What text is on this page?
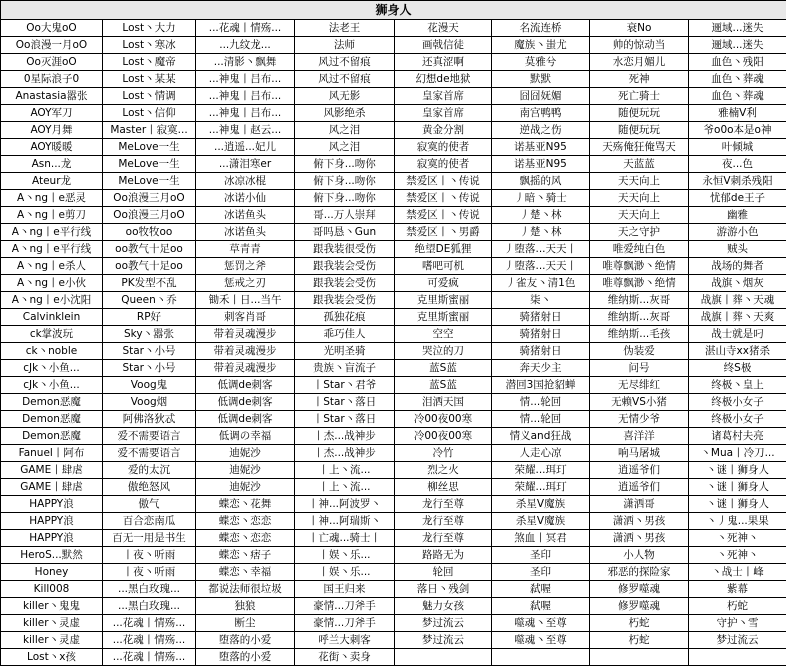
狮身人							
Oo大鬼oO	Lost丶大力	...花魂丨情殇...	法老王	花漫天	名流连桥	衰No	逦域...迷失
Oo浪漫一月oO	Lost丶寒冰	...九纹龙...	法师	画戟信徒	魔族丶蚩尤	帅的惊动当	逦域...迷失
Oo灭涯oO	Lost丶魔帝	...清影丶飘舞	风过不留痕	还真涩啊	莫雅兮	水恋月媚儿	血色丶残阳
0星际浪子0	Lost丶某某	...神鬼丨吕布...	风过不留痕	幻想de地狱	默默	死神	血色丶葬魂
Anastasia嚣张	Lost丶情调	...神鬼丨吕布...	风无影	皇家首席	囧囧妩媚	死亡骑士	血色丶葬魂
AOY军刀	Lost丶信仰	...神鬼丨吕布...	风影绝杀	皇家首席	南宫鸭鸭	随便玩玩	雅楠V利
AOY月舞	Master丨寂寞...	...神鬼丨赵云...	风之泪	黄金分割	逆战之伤	随便玩玩	爷o0o本是o神
AOY暖暖	MeLove一生	...逍遥...妃儿	风之泪	寂寞的使者	诺基亚N95	天殇俺狂俺骂天	叶倾城
Asn...龙	MeLove一生	...潇泪寒er	俯下身...吻你	寂寞的使者	诺基亚N95	天蓝蓝	夜...色
Ateur龙	MeLove一生	冰凉冰棍	俯下身...吻你	禁爱区丨丶传说	飘摇的风	天天向上	永恒V刺杀残阳
A丶ng丨e恶灵	Oo浪漫三月oO	冰诺小仙	俯下身...吻你	禁爱区丨丶传说	丿暗丶骑士	天天向上	忧郁de王子
A丶ng丨e剪刀	Oo浪漫三月oO	冰诺鱼头	哥...万人崇拜	禁爱区丨丶传说	丿楚丶林	天天向上	幽雅
A丶ng丨e平行线	oo牧牧oo	冰诺鱼头	哥吗恳丶Gun	禁爱区丨丶男爵	丿楚丶林	天之守护	游游小色
A丶ng丨e平行线	oo教气十足oo	草青青	跟我装很受伤	绝望DE狐狸	丿堕落...天天丨	唯爱纯白色	贼头
A丶ng丨e杀人	oo教气十足oo	惩罚之斧	跟我装会受伤	嗜吧可机	丿堕落...天天丨	唯尊飘渺丶绝情	战场的舞者
A丶ng丨e小伙	PK发型不乱	惩戒之刃	跟我装会受伤	可爱疯	丿雀友丶清1色	唯尊飘渺丶绝情	战旗丶烟灰
A丶ng丨e小沈阳	Queen丶乔	锄禾丨日...当午	跟我装会受伤	克里斯蜜丽	柒丶	维纳斯...灰哥	战旗丨葬丶天魂
Calvinklein	RP好	刺客肖哥	孤独花痕	克里斯蜜丽	骑猪射日	维纳斯...灰哥	战旗丨葬丶天爽
ck掌波玩	Sky丶嚣张	带着灵魂漫步	乖巧佳人	空空	骑猪射日	维纳斯...毛孩	战士就是叼
ck丶noble	Star丶小号	带着灵魂漫步	光明圣骑	哭泣的刀	骑猪射日	伪装爱	湛山寺xx猪杀
cJk丶小鱼...	Star丶小号	带着灵魂漫步	贵族丶盲流子	蓝S蓝	奔天少主	问号	终S极
cJk丶小鱼...	Voog鬼	低调de刺客	丨Star丶君爷	蓝S蓝	潜回3国抢貂蝉	无尽绯红	终极丶皇上
Demon恶魔	Voog烟	低调de刺客	丨Star丶落日	泪洒天国	情...轮回	无赖VS小猪	终极小女子
Demon恶魔	阿佛洛狄忒	低调de刺客	丨Star丶落日	冷00夜00寒	情...轮回	无情少爷	终极小女子
Demon恶魔	爱不需要语言	低调の幸福	丨杰...战神步	冷00夜00寒	情义and狂战	喜洋洋	诸葛村夫亮
Fanuel丨阿布	爱不需要语言	迪妮沙	丨杰...战神步	冷竹	人走心凉	响马屠城	丶Mua丨冷刀...
GAME丨肆虐	爱的太沉	迪妮沙	丨上丶流...	烈之火	荣耀...珥玎	逍遥爷们	丶谜丨狮身人
GAME丨肆虐	傲绝怒风	迪妮沙	丨上丶流...	柳丝思	荣耀...珥玎	逍遥爷们	丶谜丨狮身人
HAPPY浪	傲气	蝶恋丶花舞	丨神...阿波罗丶	龙行至尊	杀星V魔族	潇洒哥	丶谜丨狮身人
HAPPY浪	百合恋南瓜	蝶恋丶恋恋	丨神...阿瑞斯丶	龙行至尊	杀星V魔族	潇洒丶男孩	丶丿鬼...果果
HAPPY浪	百无一用是书生	蝶恋丶恋恋	丨亡魂...骑士丨	龙行至尊	煞血丨冥君	潇洒丶男孩	丶死神丶
HeroS...默然	丨夜丶听雨	蝶恋丶痞子	丨娱丶乐...	路路无为	圣印	小人物	丶死神丶
Honey	丨夜丶听雨	蝶恋丶幸福	丨娱丶乐...	轮回	圣印	邪恶的探险家	丶战士丨峰
Kill008	...黑白玫瑰...	都说法师很垃圾	国王归来	落日丶残剑	弑喔	修罗噬魂	紫幕
killer丶鬼鬼	...黑白玫瑰...	独狼	豪情...刀斧手	魅力女孩	弑喔	修罗噬魂	朽蛇
killer丶灵虚	...花魂丨情殇...	断尘	豪情...刀斧手	梦过流云	噬魂丶至尊	朽蛇	守护丶雪
killer丶灵虚	...花魂丨情殇...	堕落的小爱	呼兰大刺客	梦过流云	噬魂丶至尊	朽蛇	梦过流云
Lost丶x孩	...花魂丨情殇...	堕落的小爱	花街丶卖身				
